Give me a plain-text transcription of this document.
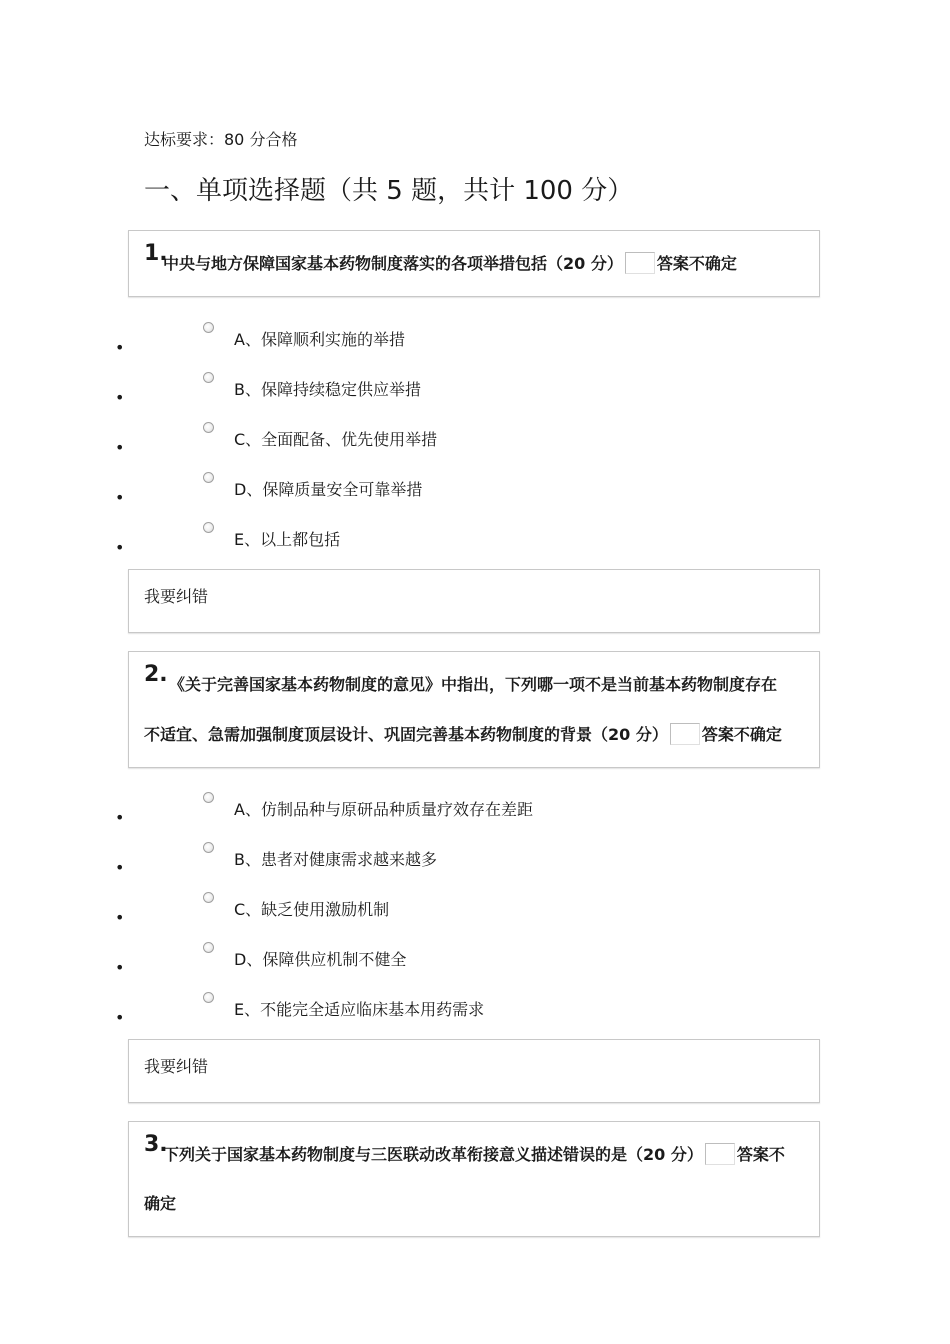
达标要求：80 分合格
一、单项选择题（共 5 题，共计 100 分）
1.
中央与地方保障国家基本药物制度落实的各项举措包括（20 分） 答案不确定
•	A、保障顺利实施的举措
•	B、保障持续稳定供应举措
•	C、全面配备、优先使用举措
•	D、保障质量安全可靠举措
•	E、以上都包括
我要纠错
2. 《关于完善国家基本药物制度的意见》中指出，下列哪一项不是当前基本药物制度存在
不适宜、急需加强制度顶层设计、巩固完善基本药物制度的背景（20 分） 答案不确定
•	A、仿制品种与原研品种质量疗效存在差距
•	B、患者对健康需求越来越多
•	C、缺乏使用激励机制
•	D、保障供应机制不健全
•	E、不能完全适应临床基本用药需求
我要纠错
3.
下列关于国家基本药物制度与三医联动改革衔接意义描述错误的是（20 分） 答案不
确定
